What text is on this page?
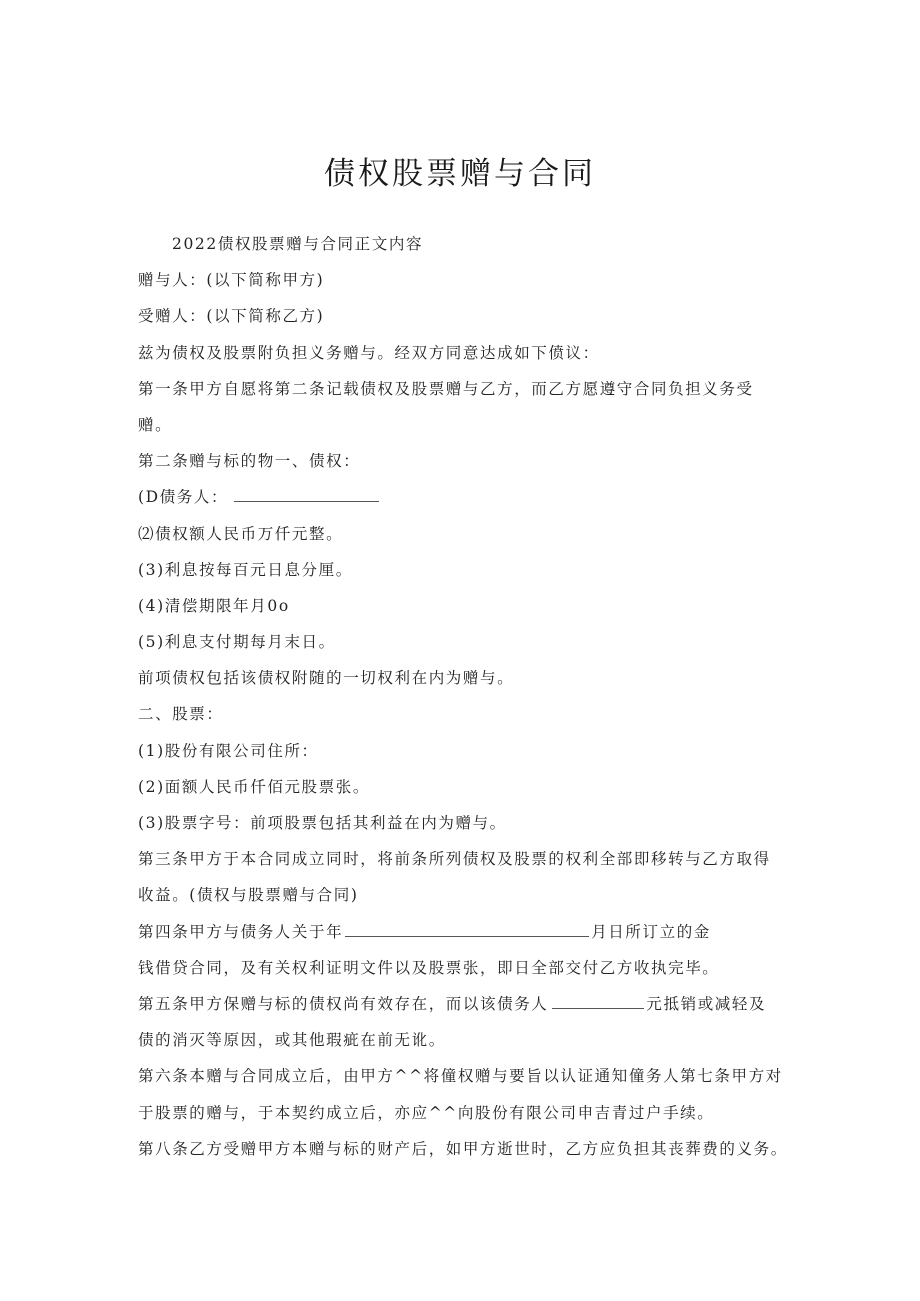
债权股票赠与合同
2022债权股票赠与合同正文内容
赠与人：(以下简称甲方)
受赠人：(以下简称乙方)
兹为债权及股票附负担义务赠与。经双方同意达成如下偾议：
第一条甲方自愿将第二条记载债权及股票赠与乙方，而乙方愿遵守合同负担义务受
赠。
第二条赠与标的物一、债权：
(D债务人：
⑵债权额人民币万仟元整。
(3)利息按每百元日息分厘。
(4)清偿期限年月0o
(5)利息支付期每月末日。
前项债权包括该债权附随的一切权利在内为赠与。
二、股票：
(1)股份有限公司住所：
(2)面额人民币仟佰元股票张。
(3)股票字号：前项股票包括其利益在内为赠与。
第三条甲方于本合同成立同时，将前条所列债权及股票的权利全部即移转与乙方取得
收益。(债权与股票赠与合同)
第四条甲方与债务人关于年	月日所订立的金
钱借贷合同，及有关权利证明文件以及股票张，即日全部交付乙方收执完毕。
第五条甲方保赠与标的债权尚有效存在，而以该债务人	元抵销或减轻及
债的消灭等原因，或其他瑕疵在前无讹。
第六条本赠与合同成立后，由甲方^^将僮权赠与要旨以认证通知僮务人第七条甲方对
于股票的赠与，于本契约成立后，亦应^^向股份有限公司申吉青过户手续。
第八条乙方受赠甲方本赠与标的财产后，如甲方逝世时，乙方应负担其丧葬费的义务。
